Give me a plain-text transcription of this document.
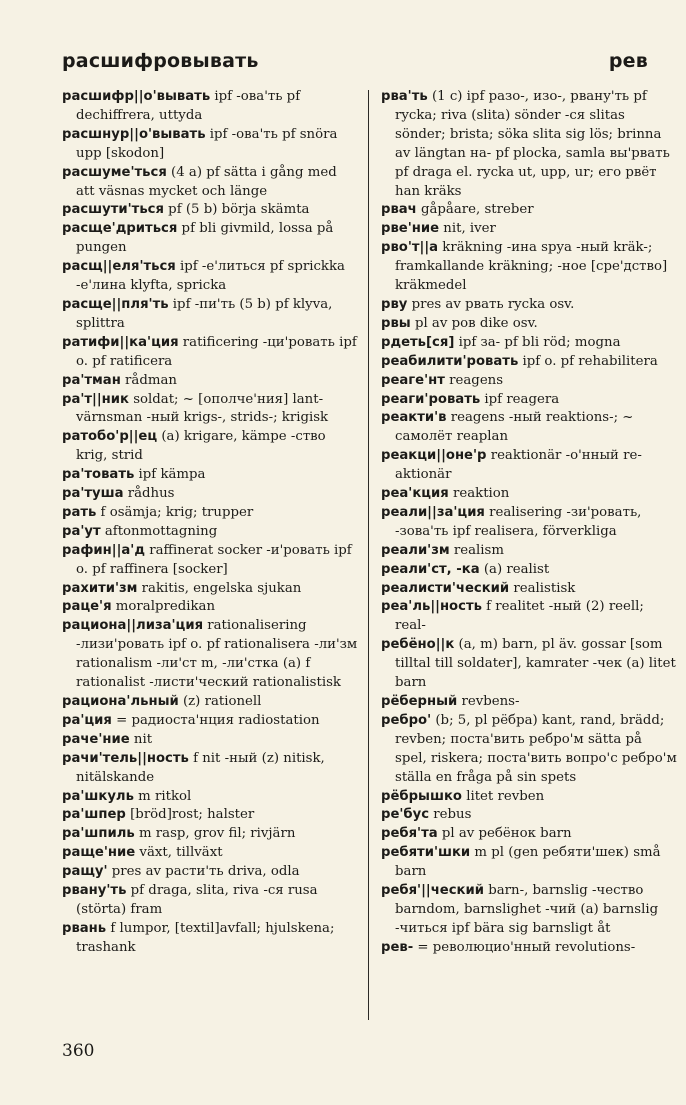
расшифровывать	рев

расшифр||о'вывать ipf -ова'ть pf dechiffrera, uttyda

расшнур||о'вывать ipf -ова'ть pf snöra upp [skodon]

расшуме'ться (4 a) pf sätta i gång med att väsnas mycket och länge

расшути'ться pf (5 b) börja skämta

расще'дриться pf bli givmild, lossa på pungen

расщ||еля'ться ipf -е'литься pf sprickka -е'лина klyfta, spricka

расще||пля'ть ipf -пи'ть (5 b) pf klyva, splittra

ратифи||ка'ция ratificering -ци'ровать ipf o. pf ratificera

ра'тман rådman

ра'т||ник soldat; ~ [ополче'ния] lantvärnsman -ный krigs-, strids-; krigisk

ратобо'р||ец (a) krigare, kämpe -ство krig, strid

ра'товать ipf kämpa

ра'туша rådhus

рать f osämja; krig; trupper

ра'ут aftonmottagning

рафин||а'д raffinerat socker -и'ровать ipf o. pf raffinera [socker]

рахити'зм rakitis, engelska sjukan

раце'я moralpredikan

рациона||лиза'ция rationalisering -лизи'ровать ipf o. pf rationalisera -ли'зм rationalism -ли'ст m, -ли'стка (a) f rationalist -листи'ческий rationalistisk

рациона'льный (z) rationell

ра'ция = радиоста'нция radiostation

раче'ние nit

рачи'тель||ность f nit -ный (z) nitisk, nitälskande

ра'шкуль m ritkol

ра'шпер [bröd]rost; halster

ра'шпиль m rasp, grov fil; rivjärn

раще'ние växt, tillväxt

ращу' pres av расти'ть driva, odla

рвану'ть pf draga, slita, riva -ся rusa (störta) fram

рвань f lumpor, [textil]avfall; hjulskena; trashank

рва'ть (1 c) ipf разо-, изо-, рвану'ть pf rycka; riva (slita) sönder -ся slitas sönder; brista; söka slita sig lös; brinna av längtan на- pf plocka, samla вы'рвать pf draga el. rycka ut, upp, ur; его рвёт han kräks

рвач gåpåare, streber

рве'ние nit, iver

рво'т||а kräkning -ина spya -ный kräk-; framkallande kräkning; -ное [сре'дство] kräkmedel

рву pres av рвать rycka osv.

рвы pl av ров dike osv.

рдеть[ся] ipf за- pf bli röd; mogna

реабилити'ровать ipf o. pf rehabilitera

реаге'нт reagens

реаги'ровать ipf reagera

реакти'в reagens -ный reaktions-; ~ самолёт reaplan

реакци||оне'р reaktionär -о'нный reaktionär

реа'кция reaktion

реали||за'ция realisering -зи'ровать, -зова'ть ipf realisera, förverkliga

реали'зм realism

реали'ст, -ка (a) realist

реалисти'ческий realistisk

реа'ль||ность f realitet -ный (2) reell; real-

ребёно||к (a, m) barn, pl äv. gossar [som tilltal till soldater], kamrater -чек (a) litet barn

рёберный revbens-

ребро' (b; 5, pl рёбра) kant, rand, brädd; revben; поста'вить ребро'м sätta på spel, riskera; поста'вить вопро'с ребро'м ställa en fråga på sin spets

рёбрышко litet revben

ре'бус rebus

ребя'та pl av ребёнок barn

ребяти'шки m pl (gen ребяти'шек) små barn

ребя'||ческий barn-, barnslig -чество barndom, barnslighet -чий (a) barnslig -читься ipf bära sig barnsligt åt

рев- = революцио'нный revolutions-

360
